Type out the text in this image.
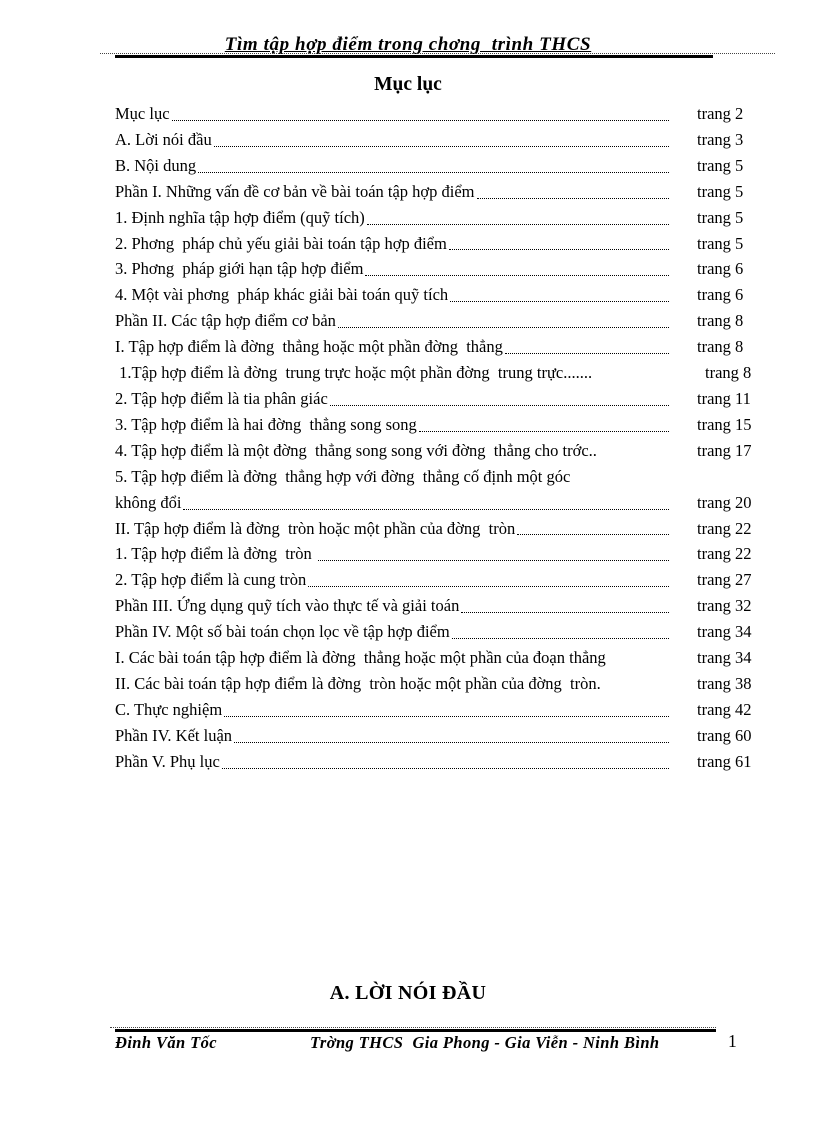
Tìm tập hợp điểm trong chơng  trình THCS
Mục lục
Mục lục	trang 2
A. Lời nói đầu	trang 3
B. Nội dung	trang 5
Phần I. Những vấn đề cơ bản về bài toán tập hợp điểm	trang 5
1. Định nghĩa tập hợp điểm (quỹ tích)	trang 5
2. Phơng  pháp chủ yếu giải bài toán tập hợp điểm	trang 5
3. Phơng  pháp giới hạn tập hợp điểm	trang 6
4. Một vài phơng  pháp khác giải bài toán quỹ tích	trang 6
Phần II. Các tập hợp điểm cơ bản	trang 8
I. Tập hợp điểm là đờng  thẳng hoặc một phần đờng  thẳng	trang 8
1.Tập hợp điểm là đờng  trung trực hoặc một phần đờng  trung trực.......	trang 8
2. Tập hợp điểm là tia phân giác	trang 11
3. Tập hợp điểm là hai đờng  thẳng song song	trang 15
4. Tập hợp điểm là một đờng  thẳng song song với đờng  thẳng cho trớc..	trang 17
5. Tập hợp điểm là đờng  thẳng hợp với đờng  thẳng cố định một góc
không đổi	trang 20
II. Tập hợp điểm là đờng  tròn hoặc một phần của đờng  tròn	trang 22
1. Tập hợp điểm là đờng  tròn	trang 22
2. Tập hợp điểm là cung tròn	trang 27
Phần III. Ứng dụng quỹ tích vào thực tế và giải toán	trang 32
Phần IV. Một số bài toán chọn lọc về tập hợp điểm	trang 34
I. Các bài toán tập hợp điểm là đờng  thẳng hoặc một phần của đoạn thẳng	trang 34
II. Các bài toán tập hợp điểm là đờng  tròn hoặc một phần của đờng  tròn.	trang 38
C. Thực nghiệm	trang 42
Phần IV. Kết luận	trang 60
Phần V. Phụ lục	trang 61
A. LỜI NÓI ĐẦU
Đinh Văn Tốc	Trờng THCS  Gia Phong - Gia Viễn - Ninh Bình	1
